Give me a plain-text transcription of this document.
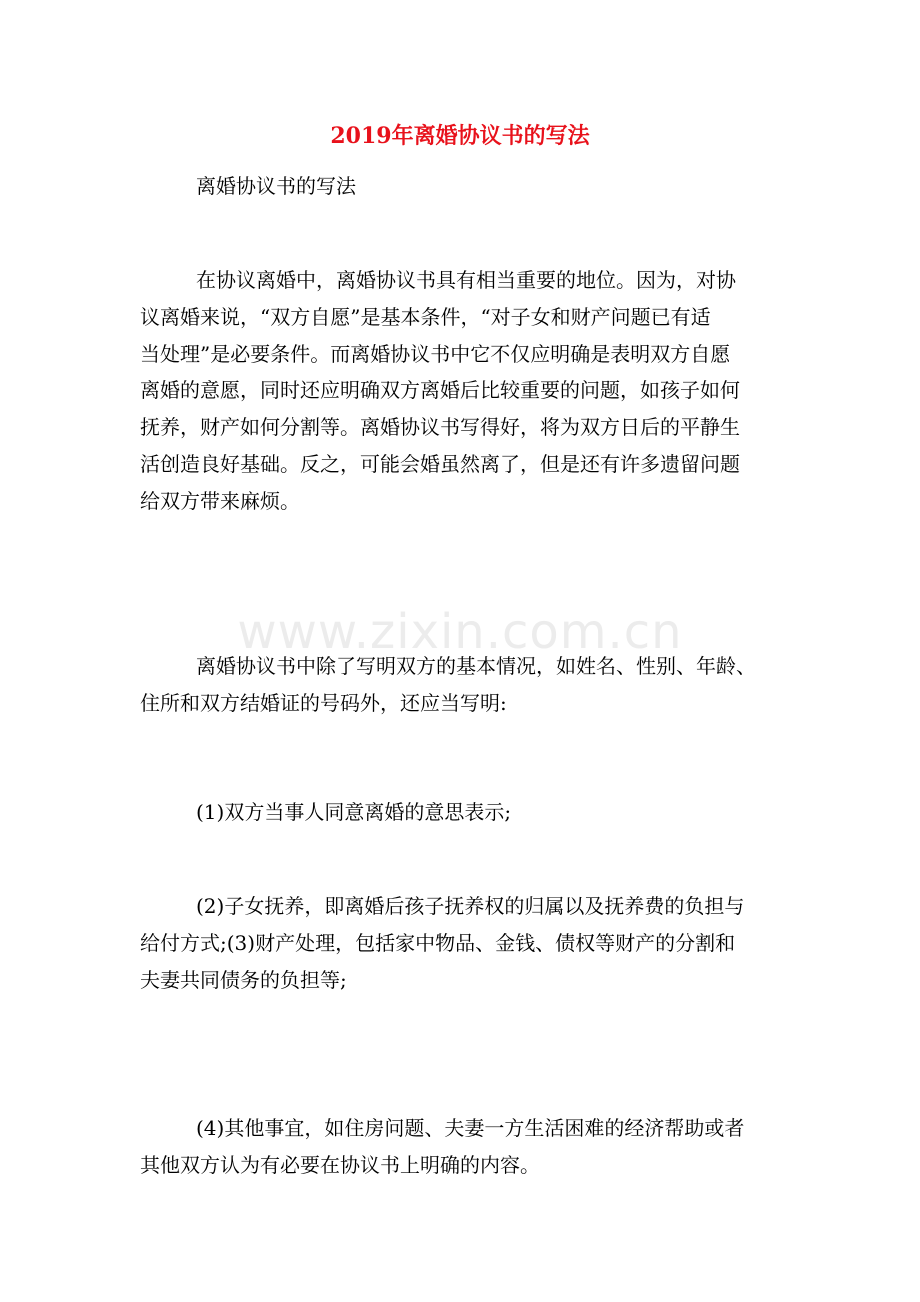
www.zixin.com.cn
2019年离婚协议书的写法
离婚协议书的写法
在协议离婚中，离婚协议书具有相当重要的地位。因为，对协
议离婚来说，“双方自愿”是基本条件，“对子女和财产问题已有适
当处理”是必要条件。而离婚协议书中它不仅应明确是表明双方自愿
离婚的意愿，同时还应明确双方离婚后比较重要的问题，如孩子如何
抚养，财产如何分割等。离婚协议书写得好，将为双方日后的平静生
活创造良好基础。反之，可能会婚虽然离了，但是还有许多遗留问题
给双方带来麻烦。
离婚协议书中除了写明双方的基本情况，如姓名、性别、年龄、
住所和双方结婚证的号码外，还应当写明:
(1)双方当事人同意离婚的意思表示;
(2)子女抚养，即离婚后孩子抚养权的归属以及抚养费的负担与
给付方式;(3)财产处理，包括家中物品、金钱、债权等财产的分割和
夫妻共同债务的负担等;
(4)其他事宜，如住房问题、夫妻一方生活困难的经济帮助或者
其他双方认为有必要在协议书上明确的内容。
